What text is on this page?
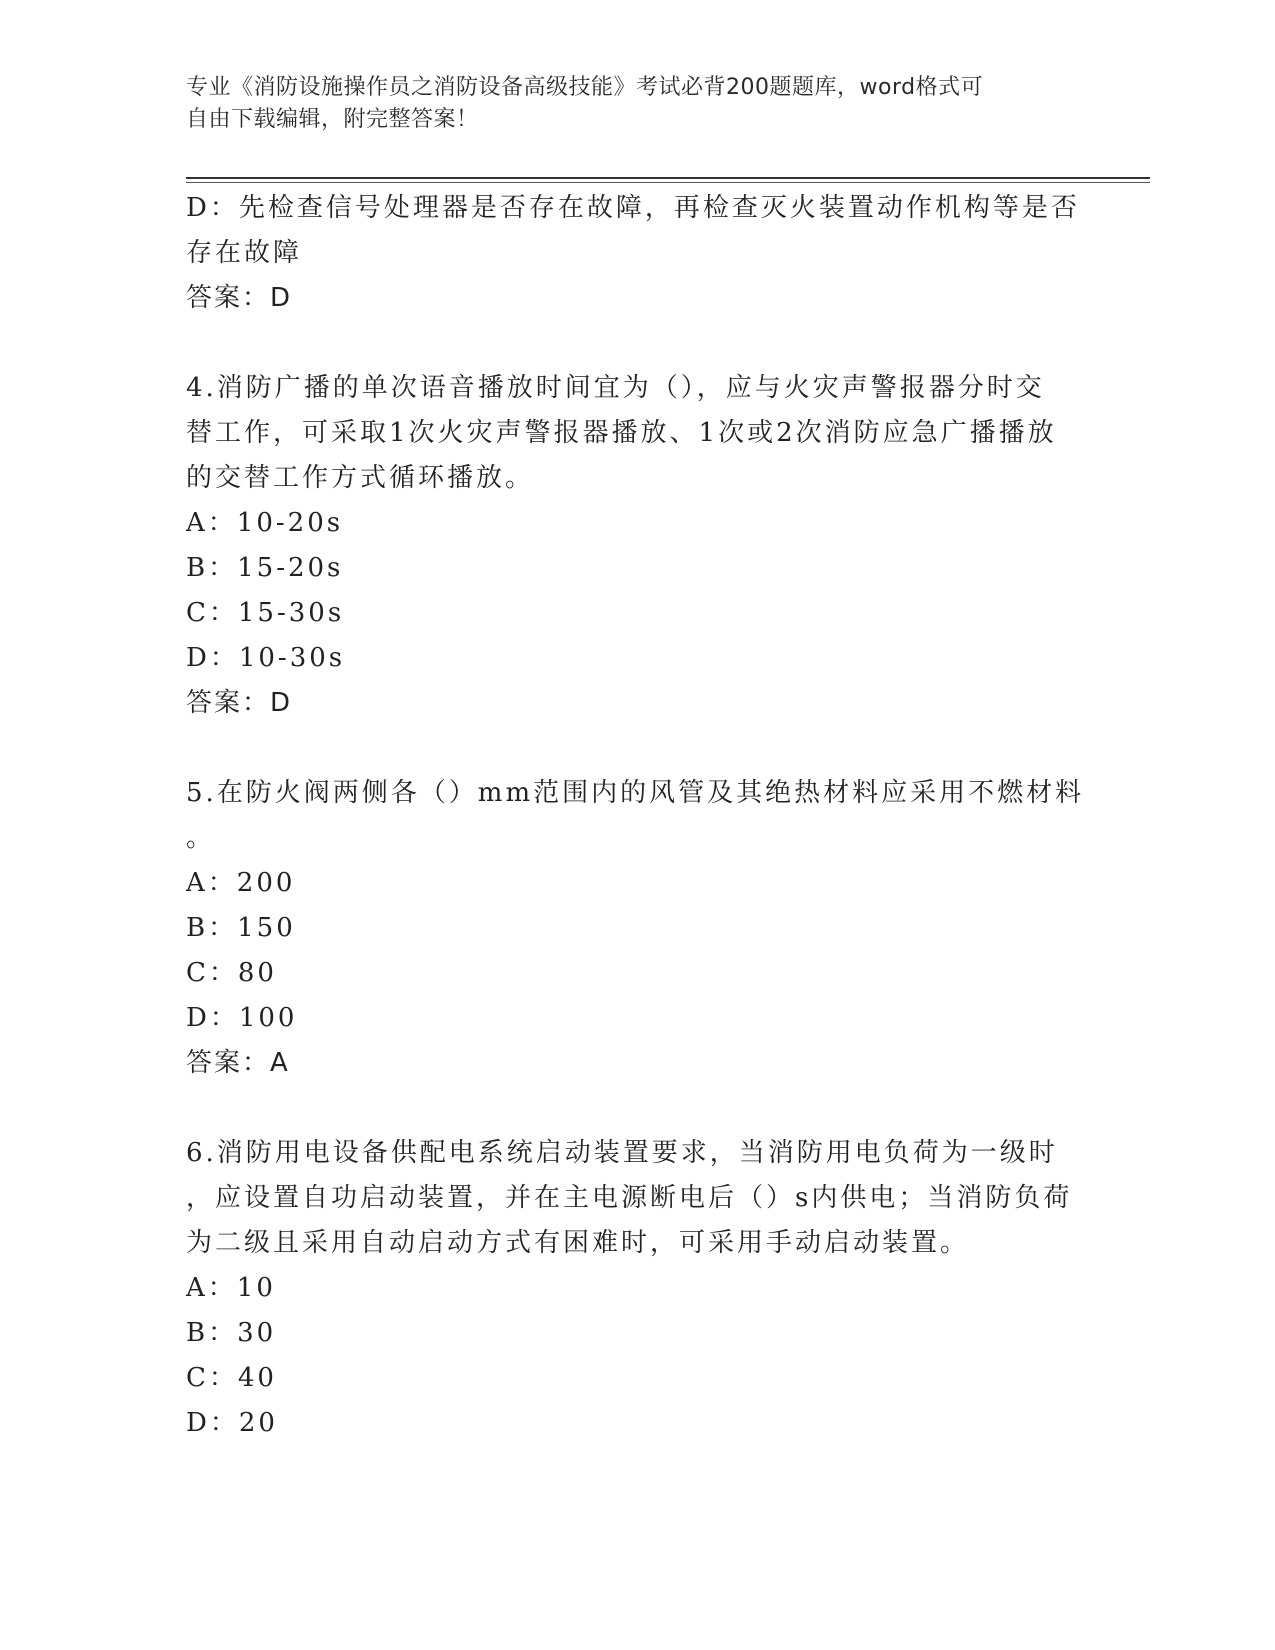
专业《消防设施操作员之消防设备高级技能》考试必背200题题库，word格式可
自由下载编辑，附完整答案！

D：先检查信号处理器是否存在故障，再检查灭火装置动作机构等是否

存在故障

答案：D

4.消防广播的单次语音播放时间宜为（），应与火灾声警报器分时交

替工作，可采取1次火灾声警报器播放、1次或2次消防应急广播播放

的交替工作方式循环播放。

A：10-20s

B：15-20s

C：15-30s

D：10-30s

答案：D

5.在防火阀两侧各（）mm范围内的风管及其绝热材料应采用不燃材料

。

A：200

B：150

C：80

D：100

答案：A

6.消防用电设备供配电系统启动装置要求，当消防用电负荷为一级时

，应设置自功启动装置，并在主电源断电后（）s内供电；当消防负荷

为二级且采用自动启动方式有困难时，可采用手动启动装置。

A：10

B：30

C：40

D：20
